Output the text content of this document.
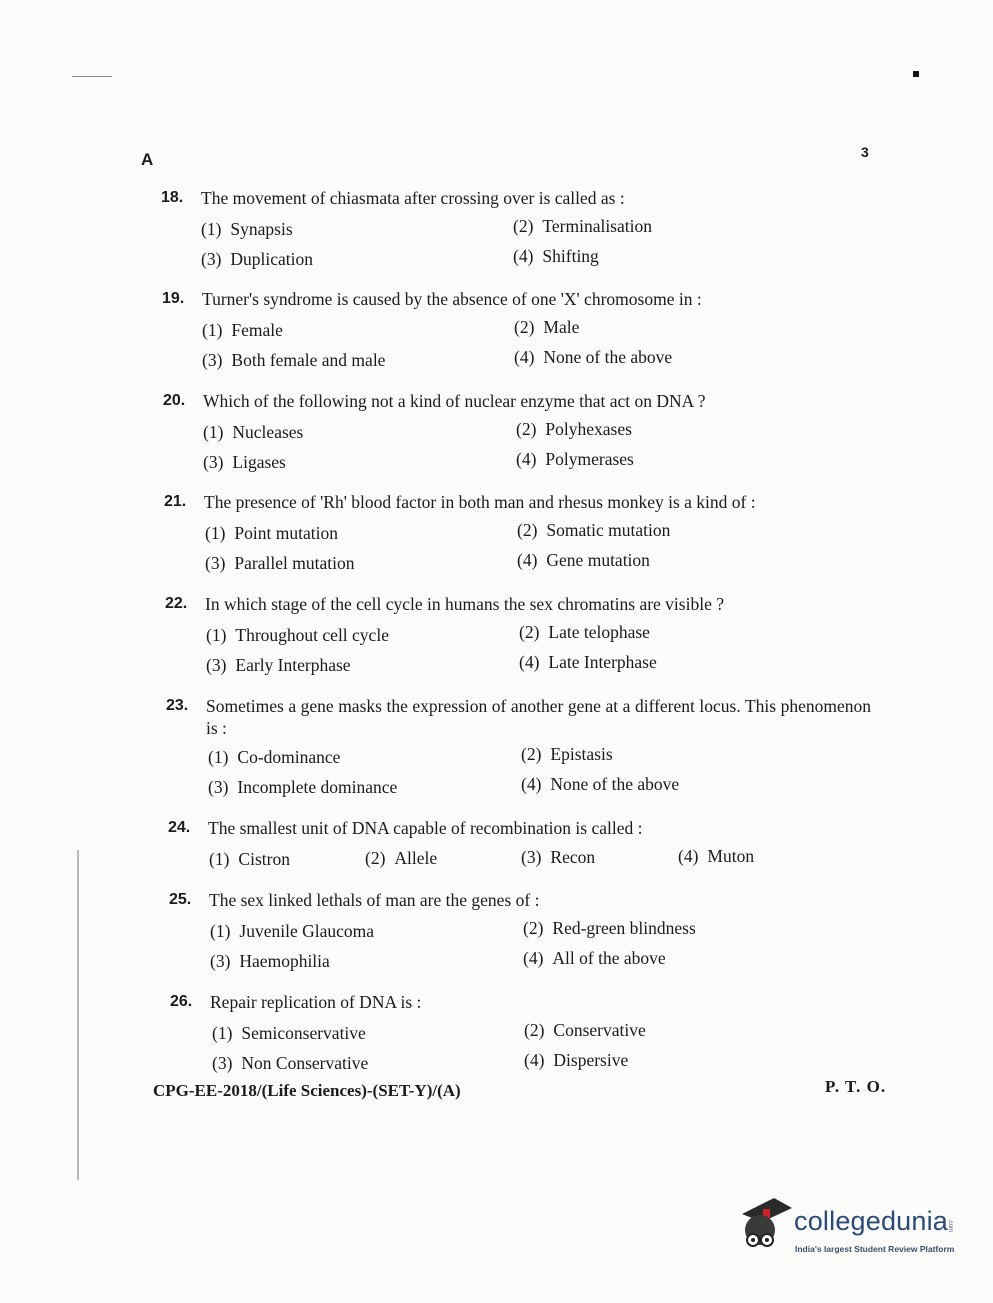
A	3
18. The movement of chiasmata after crossing over is called as :
(1) Synapsis	(2) Terminalisation
(3) Duplication	(4) Shifting
19. Turner's syndrome is caused by the absence of one 'X' chromosome in :
(1) Female	(2) Male
(3) Both female and male	(4) None of the above
20. Which of the following not a kind of nuclear enzyme that act on DNA ?
(1) Nucleases	(2) Polyhexases
(3) Ligases	(4) Polymerases
21. The presence of 'Rh' blood factor in both man and rhesus monkey is a kind of :
(1) Point mutation	(2) Somatic mutation
(3) Parallel mutation	(4) Gene mutation
22. In which stage of the cell cycle in humans the sex chromatins are visible ?
(1) Throughout cell cycle	(2) Late telophase
(3) Early Interphase	(4) Late Interphase
23. Sometimes a gene masks the expression of another gene at a different locus. This phenomenon is :
(1) Co-dominance	(2) Epistasis
(3) Incomplete dominance	(4) None of the above
24. The smallest unit of DNA capable of recombination is called :
(1) Cistron	(2) Allele	(3) Recon	(4) Muton
25. The sex linked lethals of man are the genes of :
(1) Juvenile Glaucoma	(2) Red-green blindness
(3) Haemophilia	(4) All of the above
26. Repair replication of DNA is :
(1) Semiconservative	(2) Conservative
(3) Non Conservative	(4) Dispersive
CPG-EE-2018/(Life Sciences)-(SET-Y)/(A)	P. T. O.
collegedunia
.com
India's largest Student Review Platform
